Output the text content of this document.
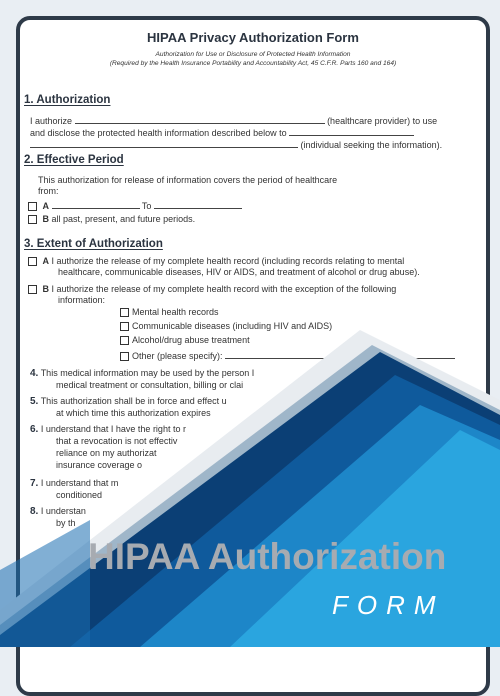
HIPAA Privacy Authorization Form
Authorization for Use or Disclosure of Protected Health Information
(Required by the Health Insurance Portability and Accountability Act, 45 C.F.R. Parts 160 and 164)
1. Authorization
I authorize	(healthcare provider) to use
and disclose the protected health information described below to
(individual seeking the information).
2. Effective Period
This authorization for release of information covers the period of healthcare
from:
A	To
B all past, present, and future periods.
3. Extent of Authorization
A I authorize the release of my complete health record (including records relating to mental
healthcare, communicable diseases, HIV or AIDS, and treatment of alcohol or drug abuse).
B I authorize the release of my complete health record with the exception of the following
information:
Mental health records
Communicable diseases (including HIV and AIDS)
Alcohol/drug abuse treatment
Other (please specify):
4. This medical information may be used by the person I
medical treatment or consultation, billing or clai
5. This authorization shall be in force and effect u
at which time this authorization expires
6. I understand that I have the right to r
that a revocation is not effectiv
reliance on my authorizat
insurance coverage o
7. I understand that m
conditioned
8. I understan
by th
HIPAA Authorization
FORM
